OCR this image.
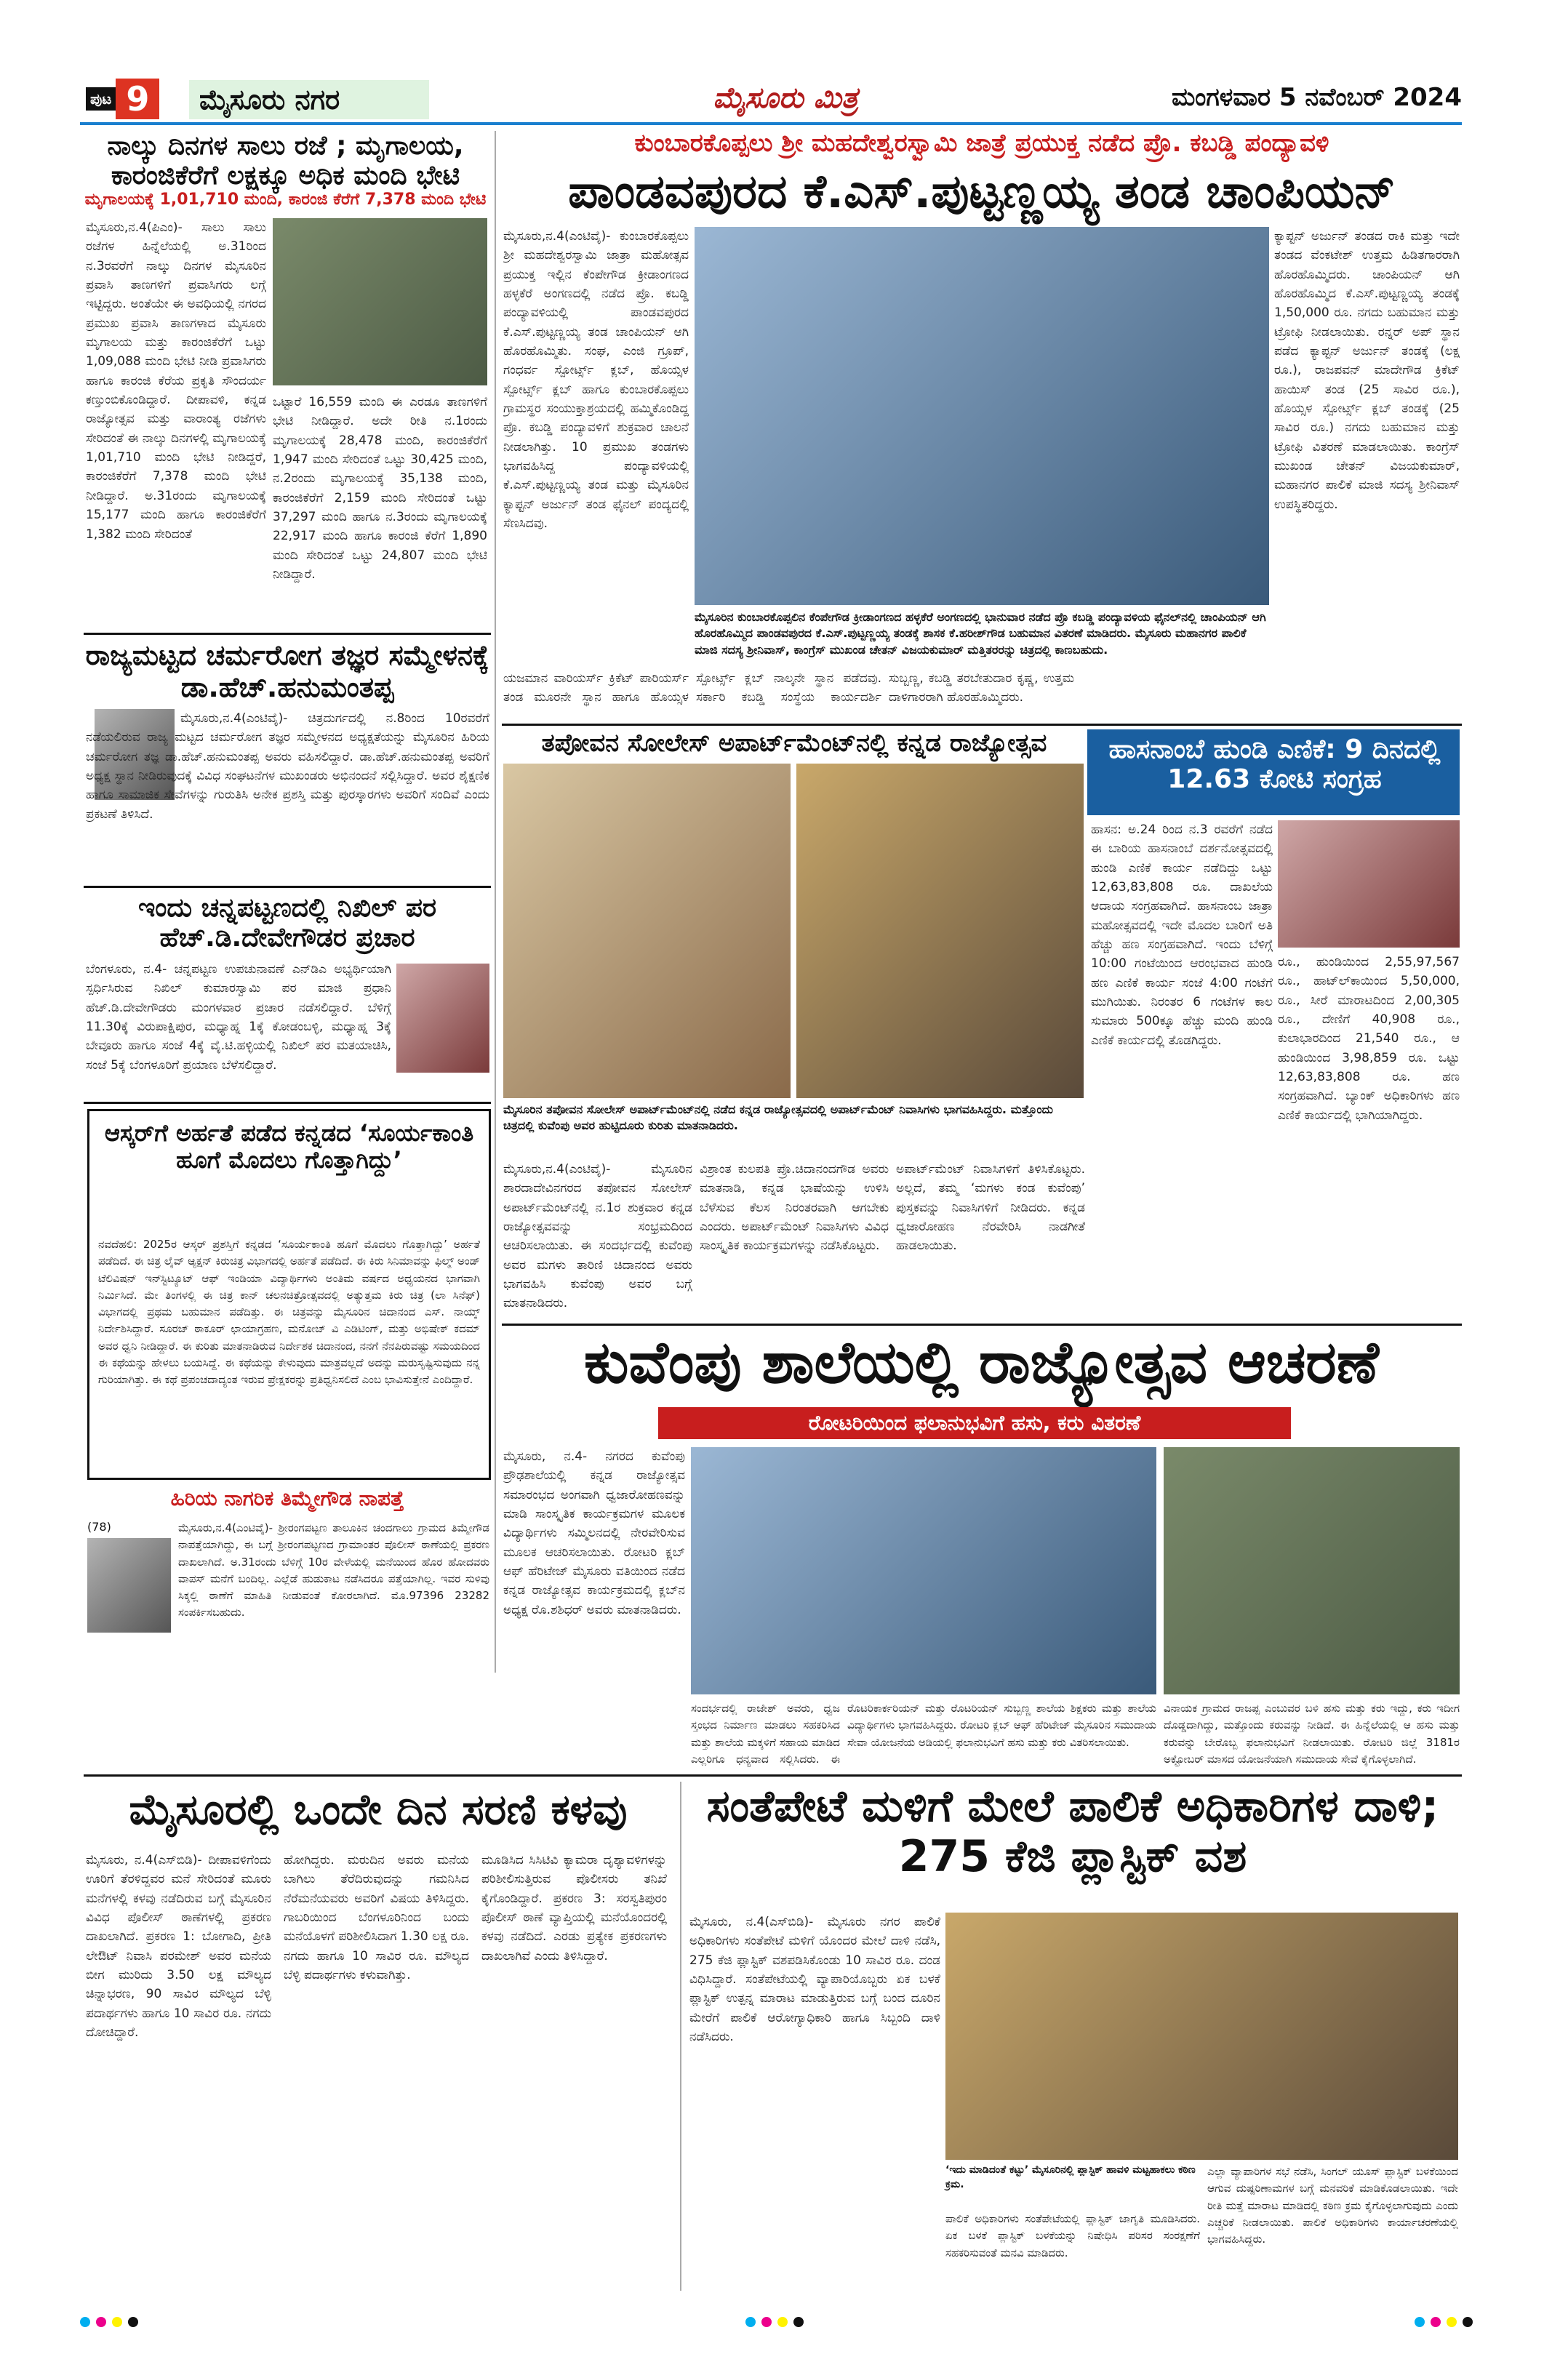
ಪುಟ 9	ಮೈಸೂರು ನಗರ	ಮೈಸೂರು ಮಿತ್ರ	ಮಂಗಳವಾರ 5 ನವೆಂಬರ್ 2024
ನಾಲ್ಕು ದಿನಗಳ ಸಾಲು ರಜೆ ; ಮೃಗಾಲಯ, ಕಾರಂಜಿಕೆರೆಗೆ ಲಕ್ಷಕ್ಕೂ ಅಧಿಕ ಮಂದಿ ಭೇಟಿ
ಮೃಗಾಲಯಕ್ಕೆ 1,01,710 ಮಂದಿ, ಕಾರಂಜಿ ಕೆರೆಗೆ 7,378 ಮಂದಿ ಭೇಟಿ
ಮೈಸೂರು,ನ.4(ಪಿಎಂ)- ಸಾಲು ಸಾಲು ರಜೆಗಳ ಹಿನ್ನೆಲೆಯಲ್ಲಿ ಅ.31ರಿಂದ ನ.3ರವರೆಗೆ ನಾಲ್ಕು ದಿನಗಳ ಮೈಸೂರಿನ ಪ್ರವಾಸಿ ತಾಣಗಳಿಗೆ ಪ್ರವಾಸಿಗರು ಲಗ್ಗೆ ಇಟ್ಟಿದ್ದರು. ಅಂತೆಯೇ ಈ ಅವಧಿಯಲ್ಲಿ ನಗರದ ಪ್ರಮುಖ ಪ್ರವಾಸಿ ತಾಣಗಳಾದ ಮೈಸೂರು ಮೃಗಾಲಯ ಮತ್ತು ಕಾರಂಜಿಕೆರೆಗೆ ಒಟ್ಟು 1,09,088 ಮಂದಿ ಭೇಟಿ ನೀಡಿ ಪ್ರವಾಸಿಗರು ಹಾಗೂ ಕಾರಂಜಿ ಕೆರೆಯ ಪ್ರಕೃತಿ ಸೌಂದರ್ಯ ಕಣ್ತುಂಬಿಕೊಂಡಿದ್ದಾರೆ. ದೀಪಾವಳಿ, ಕನ್ನಡ ರಾಜ್ಯೋತ್ಸವ ಮತ್ತು ವಾರಾಂತ್ಯ ರಜೆಗಳು ಸೇರಿದಂತೆ ಈ ನಾಲ್ಕು ದಿನಗಳಲ್ಲಿ ಮೃಗಾಲಯಕ್ಕೆ 1,01,710 ಮಂದಿ ಭೇಟಿ ನೀಡಿದ್ದರೆ, ಕಾರಂಜಿಕೆರೆಗೆ 7,378 ಮಂದಿ ಭೇಟಿ ನೀಡಿದ್ದಾರೆ. ಅ.31ರಂದು ಮೃಗಾಲಯಕ್ಕೆ 15,177 ಮಂದಿ ಹಾಗೂ ಕಾರಂಜಿಕೆರೆಗೆ 1,382 ಮಂದಿ ಸೇರಿದಂತೆ
ಒಟ್ಟಾರೆ 16,559 ಮಂದಿ ಈ ಎರಡೂ ತಾಣಗಳಿಗೆ ಭೇಟಿ ನೀಡಿದ್ದಾರೆ. ಅದೇ ರೀತಿ ನ.1ರಂದು ಮೃಗಾಲಯಕ್ಕೆ 28,478 ಮಂದಿ, ಕಾರಂಜಿಕೆರೆಗೆ 1,947 ಮಂದಿ ಸೇರಿದಂತೆ ಒಟ್ಟು 30,425 ಮಂದಿ, ನ.2ರಂದು ಮೃಗಾಲಯಕ್ಕೆ 35,138 ಮಂದಿ, ಕಾರಂಜಿಕೆರೆಗೆ 2,159 ಮಂದಿ ಸೇರಿದಂತೆ ಒಟ್ಟು 37,297 ಮಂದಿ ಹಾಗೂ ನ.3ರಂದು ಮೃಗಾಲಯಕ್ಕೆ 22,917 ಮಂದಿ ಹಾಗೂ ಕಾರಂಜಿ ಕೆರೆಗೆ 1,890 ಮಂದಿ ಸೇರಿದಂತೆ ಒಟ್ಟು 24,807 ಮಂದಿ ಭೇಟಿ ನೀಡಿದ್ದಾರೆ.
ರಾಜ್ಯಮಟ್ಟದ ಚರ್ಮರೋಗ ತಜ್ಞರ ಸಮ್ಮೇಳನಕ್ಕೆ ಡಾ.ಹೆಚ್.ಹನುಮಂತಪ್ಪ
ಮೈಸೂರು,ನ.4(ಎಂಟಿವೈ)- ಚಿತ್ರದುರ್ಗದಲ್ಲಿ ನ.8ರಿಂದ 10ರವರೆಗೆ ನಡೆಯಲಿರುವ ರಾಜ್ಯ ಮಟ್ಟದ ಚರ್ಮರೋಗ ತಜ್ಞರ ಸಮ್ಮೇಳನದ ಅಧ್ಯಕ್ಷತೆಯನ್ನು ಮೈಸೂರಿನ ಹಿರಿಯ ಚರ್ಮರೋಗ ತಜ್ಞ ಡಾ.ಹೆಚ್.ಹನುಮಂತಪ್ಪ ಅವರು ವಹಿಸಲಿದ್ದಾರೆ. ಡಾ.ಹೆಚ್.ಹನುಮಂತಪ್ಪ ಅವರಿಗೆ ಅಧ್ಯಕ್ಷ ಸ್ಥಾನ ನೀಡಿರುವುದಕ್ಕೆ ವಿವಿಧ ಸಂಘಟನೆಗಳ ಮುಖಂಡರು ಅಭಿನಂದನೆ ಸಲ್ಲಿಸಿದ್ದಾರೆ. ಅವರ ಶೈಕ್ಷಣಿಕ ಹಾಗೂ ಸಾಮಾಜಿಕ ಸೇವೆಗಳನ್ನು ಗುರುತಿಸಿ ಅನೇಕ ಪ್ರಶಸ್ತಿ ಮತ್ತು ಪುರಸ್ಕಾರಗಳು ಅವರಿಗೆ ಸಂದಿವೆ ಎಂದು ಪ್ರಕಟಣೆ ತಿಳಿಸಿದೆ.
ಇಂದು ಚನ್ನಪಟ್ಟಣದಲ್ಲಿ ನಿಖಿಲ್ ಪರ ಹೆಚ್.ಡಿ.ದೇವೇಗೌಡರ ಪ್ರಚಾರ
ಬೆಂಗಳೂರು, ನ.4- ಚನ್ನಪಟ್ಟಣ ಉಪಚುನಾವಣೆ ಎನ್‍ಡಿಎ ಅಭ್ಯರ್ಥಿಯಾಗಿ ಸ್ಪರ್ಧಿಸಿರುವ ನಿಖಿಲ್ ಕುಮಾರಸ್ವಾಮಿ ಪರ ಮಾಜಿ ಪ್ರಧಾನಿ ಹೆಚ್.ಡಿ.ದೇವೇಗೌಡರು ಮಂಗಳವಾರ ಪ್ರಚಾರ ನಡೆಸಲಿದ್ದಾರೆ. ಬೆಳಿಗ್ಗೆ 11.30ಕ್ಕೆ ವಿರುಪಾಕ್ಷಿಪುರ, ಮಧ್ಯಾಹ್ನ 1ಕ್ಕೆ ಕೋಡಂಬಳ್ಳಿ, ಮಧ್ಯಾಹ್ನ 3ಕ್ಕೆ ಬೇವೂರು ಹಾಗೂ ಸಂಜೆ 4ಕ್ಕೆ ವೈ.ಟಿ.ಹಳ್ಳಿಯಲ್ಲಿ ನಿಖಿಲ್ ಪರ ಮತಯಾಚಿಸಿ, ಸಂಜೆ 5ಕ್ಕೆ ಬೆಂಗಳೂರಿಗೆ ಪ್ರಯಾಣ ಬೆಳೆಸಲಿದ್ದಾರೆ.
ಆಸ್ಕರ್‌ಗೆ ಅರ್ಹತೆ ಪಡೆದ ಕನ್ನಡದ ‘ಸೂರ್ಯಕಾಂತಿ ಹೂಗೆ ಮೊದಲು ಗೊತ್ತಾಗಿದ್ದು’
ನವದೆಹಲಿ: 2025ರ ಆಸ್ಕರ್ ಪ್ರಶಸ್ತಿಗೆ ಕನ್ನಡದ ‘ಸೂರ್ಯಕಾಂತಿ ಹೂಗೆ ಮೊದಲು ಗೊತ್ತಾಗಿದ್ದು’ ಅರ್ಹತೆ ಪಡೆದಿದೆ. ಈ ಚಿತ್ರ ಲೈವ್ ಆ್ಯಕ್ಷನ್ ಕಿರುಚಿತ್ರ ವಿಭಾಗದಲ್ಲಿ ಅರ್ಹತೆ ಪಡೆದಿದೆ. ಈ ಕಿರು ಸಿನಿಮಾವನ್ನು ಫಿಲ್ಮ್ ಅಂಡ್ ಟೆಲಿವಿಷನ್ ಇನ್‍ಸ್ಟಿಟ್ಯೂಟ್ ಆಫ್ ಇಂಡಿಯಾ ವಿದ್ಯಾರ್ಥಿಗಳು ಅಂತಿಮ ವರ್ಷದ ಅಧ್ಯಯನದ ಭಾಗವಾಗಿ ನಿರ್ಮಿಸಿದೆ. ಮೇ ತಿಂಗಳಲ್ಲಿ ಈ ಚಿತ್ರ ಕಾನ್ ಚಲನಚಿತ್ರೋತ್ಸವದಲ್ಲಿ ಅತ್ಯುತ್ತಮ ಕಿರು ಚಿತ್ರ (ಲಾ ಸಿನೆಫ್) ವಿಭಾಗದಲ್ಲಿ ಪ್ರಥಮ ಬಹುಮಾನ ಪಡೆದಿತ್ತು. ಈ ಚಿತ್ರವನ್ನು ಮೈಸೂರಿನ ಚಿದಾನಂದ ಎಸ್. ನಾಯ್ಕ್ ನಿರ್ದೇಶಿಸಿದ್ದಾರೆ. ಸೂರಜ್ ಠಾಕೂರ್ ಛಾಯಾಗ್ರಹಣ, ಮನೋಜ್ ವಿ ಎಡಿಟಿಂಗ್, ಮತ್ತು ಅಭಿಷೇಕ್ ಕದಮ್ ಅವರ ಧ್ವನಿ ನೀಡಿದ್ದಾರೆ. ಈ ಕುರಿತು ಮಾತನಾಡಿರುವ ನಿರ್ದೇಶಕ ಚಿದಾನಂದ, ನನಗೆ ನೆನಪಿರುವಷ್ಟು ಸಮಯದಿಂದ ಈ ಕಥೆಯನ್ನು ಹೇಳಲು ಬಯಸಿದ್ದೆ. ಈ ಕಥೆಯನ್ನು ಕೇಳುವುದು ಮಾತ್ರವಲ್ಲದೆ ಅದನ್ನು ಮರುಸೃಷ್ಟಿಸುವುದು ನನ್ನ ಗುರಿಯಾಗಿತ್ತು. ಈ ಕಥೆ ಪ್ರಪಂಚದಾದ್ಯಂತ ಇರುವ ಪ್ರೇಕ್ಷಕರನ್ನು ಪ್ರತಿಧ್ವನಿಸಲಿದೆ ಎಂಬ ಭಾವಿಸುತ್ತೇನೆ ಎಂದಿದ್ದಾರೆ.
ಹಿರಿಯ ನಾಗರಿಕ ತಿಮ್ಮೇಗೌಡ ನಾಪತ್ತೆ
(78)	ಮೈಸೂರು,ನ.4(ಎಂಟಿವೈ)- ಶ್ರೀರಂಗಪಟ್ಟಣ ತಾಲೂಕಿನ ಚಂದಗಾಲು ಗ್ರಾಮದ ತಿಮ್ಮೇಗೌಡ ನಾಪತ್ತೆಯಾಗಿದ್ದು, ಈ ಬಗ್ಗೆ ಶ್ರೀರಂಗಪಟ್ಟಣದ ಗ್ರಾಮಾಂತರ ಪೊಲೀಸ್ ಠಾಣೆಯಲ್ಲಿ ಪ್ರಕರಣ ದಾಖಲಾಗಿದೆ. ಅ.31ರಂದು ಬೆಳಿಗ್ಗೆ 10ರ ವೇಳೆಯಲ್ಲಿ ಮನೆಯಿಂದ ಹೊರ ಹೋದವರು ವಾಪಸ್ ಮನೆಗೆ ಬಂದಿಲ್ಲ. ಎಲ್ಲೆಡೆ ಹುಡುಕಾಟ ನಡೆಸಿದರೂ ಪತ್ತೆಯಾಗಿಲ್ಲ. ಇವರ ಸುಳಿವು ಸಿಕ್ಕಲ್ಲಿ ಠಾಣೆಗೆ ಮಾಹಿತಿ ನೀಡುವಂತೆ ಕೋರಲಾಗಿದೆ. ಮೊ.97396 23282 ಸಂಪರ್ಕಿಸಬಹುದು.
ಕುಂಬಾರಕೊಪ್ಪಲು ಶ್ರೀ ಮಹದೇಶ್ವರಸ್ವಾಮಿ ಜಾತ್ರೆ ಪ್ರಯುಕ್ತ ನಡೆದ ಪ್ರೊ. ಕಬಡ್ಡಿ ಪಂದ್ಯಾವಳಿ
ಪಾಂಡವಪುರದ ಕೆ.ಎಸ್.ಪುಟ್ಟಣ್ಣಯ್ಯ ತಂಡ ಚಾಂಪಿಯನ್
ಮೈಸೂರು,ನ.4(ಎಂಟಿವೈ)- ಕುಂಬಾರಕೊಪ್ಪಲು ಶ್ರೀ ಮಹದೇಶ್ವರಸ್ವಾಮಿ ಜಾತ್ರಾ ಮಹೋತ್ಸವ ಪ್ರಯುಕ್ತ ಇಲ್ಲಿನ ಕೆಂಪೇಗೌಡ ಕ್ರೀಡಾಂಗಣದ ಹಳ್ಳಕೆರೆ ಅಂಗಣದಲ್ಲಿ ನಡೆದ ಪ್ರೊ. ಕಬಡ್ಡಿ ಪಂದ್ಯಾವಳಿಯಲ್ಲಿ ಪಾಂಡವಪುರದ ಕೆ.ಎಸ್.ಪುಟ್ಟಣ್ಣಯ್ಯ ತಂಡ ಚಾಂಪಿಯನ್ ಆಗಿ ಹೊರಹೊಮ್ಮಿತು. ಸಂಘ, ಎಂಜಿ ಗ್ರೂಪ್, ಗಂಧರ್ವ ಸ್ಪೋರ್ಟ್ಸ್ ಕ್ಲಬ್, ಹೊಯ್ಸಳ ಸ್ಪೋರ್ಟ್ಸ್ ಕ್ಲಬ್ ಹಾಗೂ ಕುಂಬಾರಕೊಪ್ಪಲು ಗ್ರಾಮಸ್ಥರ ಸಂಯುಕ್ತಾಶ್ರಯದಲ್ಲಿ ಹಮ್ಮಿಕೊಂಡಿದ್ದ ಪ್ರೊ. ಕಬಡ್ಡಿ ಪಂದ್ಯಾವಳಿಗೆ ಶುಕ್ರವಾರ ಚಾಲನೆ ನೀಡಲಾಗಿತ್ತು. 10 ಪ್ರಮುಖ ತಂಡಗಳು ಭಾಗವಹಿಸಿದ್ದ ಪಂದ್ಯಾವಳಿಯಲ್ಲಿ ಕೆ.ಎಸ್.ಪುಟ್ಟಣ್ಣಯ್ಯ ತಂಡ ಮತ್ತು ಮೈಸೂರಿನ ಕ್ಯಾಪ್ಟನ್ ಅರ್ಜುನ್ ತಂಡ ಫೈನಲ್ ಪಂದ್ಯದಲ್ಲಿ ಸೆಣಸಿದವು.
ಮೈಸೂರಿನ ಕುಂಬಾರಕೊಪ್ಪಲಿನ ಕೆಂಪೇಗೌಡ ಕ್ರೀಡಾಂಗಣದ ಹಳ್ಳಕೆರೆ ಅಂಗಣದಲ್ಲಿ ಭಾನುವಾರ ನಡೆದ ಪ್ರೊ ಕಬಡ್ಡಿ ಪಂದ್ಯಾವಳಿಯ ಫೈನಲ್‌ನಲ್ಲಿ ಚಾಂಪಿಯನ್ ಆಗಿ ಹೊರಹೊಮ್ಮಿದ ಪಾಂಡವಪುರದ ಕೆ.ಎಸ್.ಪುಟ್ಟಣ್ಣಯ್ಯ ತಂಡಕ್ಕೆ ಶಾಸಕ ಕೆ.ಹರೀಶ್‌ಗೌಡ ಬಹುಮಾನ ವಿತರಣೆ ಮಾಡಿದರು. ಮೈಸೂರು ಮಹಾನಗರ ಪಾಲಿಕೆ ಮಾಜಿ ಸದಸ್ಯ ಶ್ರೀನಿವಾಸ್, ಕಾಂಗ್ರೆಸ್ ಮುಖಂಡ ಚೇತನ್ ವಿಜಯಕುಮಾರ್ ಮತ್ತಿತರರನ್ನು ಚಿತ್ರದಲ್ಲಿ ಕಾಣಬಹುದು.
ಕ್ಯಾಪ್ಟನ್ ಅರ್ಜುನ್ ತಂಡದ ರಾಕಿ ಮತ್ತು ಇದೇ ತಂಡದ ವೆಂಕಟೇಶ್ ಉತ್ತಮ ಹಿಡಿತಗಾರರಾಗಿ ಹೊರಹೊಮ್ಮಿದರು. ಚಾಂಪಿಯನ್ ಆಗಿ ಹೊರಹೊಮ್ಮಿದ ಕೆ.ಎಸ್.ಪುಟ್ಟಣ್ಣಯ್ಯ ತಂಡಕ್ಕೆ 1,50,000 ರೂ. ನಗದು ಬಹುಮಾನ ಮತ್ತು ಟ್ರೋಫಿ ನೀಡಲಾಯಿತು. ರನ್ನರ್ ಅಪ್ ಸ್ಥಾನ ಪಡೆದ ಕ್ಯಾಪ್ಟನ್ ಅರ್ಜುನ್ ತಂಡಕ್ಕೆ (ಲಕ್ಷ ರೂ.), ರಾಜಪವನ್ ಮಾದೇಗೌಡ ಕ್ರಿಕೆಟ್ ಹಾಯಿಸ್ ತಂಡ (25 ಸಾವಿರ ರೂ.), ಹೊಯ್ಸಳ ಸ್ಪೋರ್ಟ್ಸ್ ಕ್ಲಬ್ ತಂಡಕ್ಕೆ (25 ಸಾವಿರ ರೂ.) ನಗದು ಬಹುಮಾನ ಮತ್ತು ಟ್ರೋಫಿ ವಿತರಣೆ ಮಾಡಲಾಯಿತು. ಕಾಂಗ್ರೆಸ್ ಮುಖಂಡ ಚೇತನ್ ವಿಜಯಕುಮಾರ್, ಮಹಾನಗರ ಪಾಲಿಕೆ ಮಾಜಿ ಸದಸ್ಯ ಶ್ರೀನಿವಾಸ್ ಉಪಸ್ಥಿತರಿದ್ದರು.
ಯಜಮಾನ ವಾರಿಯರ್ಸ್ ಕ್ರಿಕೆಟ್ ಪಾರಿಯರ್ಸ್ ತಂಡ ಮೂರನೇ ಸ್ಥಾನ ಹಾಗೂ ಹೊಯ್ಸಳ ಸ್ಪೋರ್ಟ್ಸ್ ಕ್ಲಬ್ ನಾಲ್ಕನೇ ಸ್ಥಾನ ಪಡೆದವು. ಸರ್ಕಾರಿ ಕಬಡ್ಡಿ ಸಂಸ್ಥೆಯ ಕಾರ್ಯದರ್ಶಿ ಸುಬ್ಬಣ್ಣ, ಕಬಡ್ಡಿ ತರಬೇತುದಾರ ಕೃಷ್ಣ, ಉತ್ತಮ ದಾಳಿಗಾರರಾಗಿ ಹೊರಹೊಮ್ಮಿದರು.
ತಪೋವನ ಸೋಲೇಸ್ ಅಪಾರ್ಟ್‌ಮೆಂಟ್‌ನಲ್ಲಿ ಕನ್ನಡ ರಾಜ್ಯೋತ್ಸವ
ಮೈಸೂರಿನ ತಪೋವನ ಸೋಲೇಸ್ ಅಪಾರ್ಟ್‌ಮೆಂಟ್‌ನಲ್ಲಿ ನಡೆದ ಕನ್ನಡ ರಾಜ್ಯೋತ್ಸವದಲ್ಲಿ ಅಪಾರ್ಟ್‌ಮೆಂಟ್ ನಿವಾಸಿಗಳು ಭಾಗವಹಿಸಿದ್ದರು. ಮತ್ತೊಂದು ಚಿತ್ರದಲ್ಲಿ ಕುವೆಂಪು ಅವರ ಹುಟ್ಟಿದೂರು ಕುರಿತು ಮಾತನಾಡಿದರು.
ಮೈಸೂರು,ನ.4(ಎಂಟಿವೈ)- ಮೈಸೂರಿನ ಶಾರದಾದೇವಿನಗರದ ತಪೋವನ ಸೋಲೇಸ್ ಅಪಾರ್ಟ್‌ಮೆಂಟ್‌ನಲ್ಲಿ ನ.1ರ ಶುಕ್ರವಾರ ಕನ್ನಡ ರಾಜ್ಯೋತ್ಸವವನ್ನು ಸಂಭ್ರಮದಿಂದ ಆಚರಿಸಲಾಯಿತು. ಈ ಸಂದರ್ಭದಲ್ಲಿ ಕುವೆಂಪು ಅವರ ಮಗಳು ತಾರಿಣಿ ಚಿದಾನಂದ ಅವರು ಭಾಗವಹಿಸಿ ಕುವೆಂಪು ಅವರ ಬಗ್ಗೆ ಮಾತನಾಡಿದರು.
ವಿಶ್ರಾಂತ ಕುಲಪತಿ ಪ್ರೊ.ಚಿದಾನಂದಗೌಡ ಅವರು ಮಾತನಾಡಿ, ಕನ್ನಡ ಭಾಷೆಯನ್ನು ಉಳಿಸಿ ಬೆಳೆಸುವ ಕೆಲಸ ನಿರಂತರವಾಗಿ ಆಗಬೇಕು ಎಂದರು. ಅಪಾರ್ಟ್‌ಮೆಂಟ್ ನಿವಾಸಿಗಳು ವಿವಿಧ ಸಾಂಸ್ಕೃತಿಕ ಕಾರ್ಯಕ್ರಮಗಳನ್ನು ನಡೆಸಿಕೊಟ್ಟರು.
ಅಪಾರ್ಟ್‌ಮೆಂಟ್ ನಿವಾಸಿಗಳಿಗೆ ತಿಳಿಸಿಕೊಟ್ಟರು. ಅಲ್ಲದೆ, ತಮ್ಮ ‘ಮಗಳು ಕಂಡ ಕುವೆಂಪು’ ಪುಸ್ತಕವನ್ನು ನಿವಾಸಿಗಳಿಗೆ ನೀಡಿದರು. ಕನ್ನಡ ಧ್ವಜಾರೋಹಣ ನೆರವೇರಿಸಿ ನಾಡಗೀತೆ ಹಾಡಲಾಯಿತು.
ಹಾಸನಾಂಬೆ ಹುಂಡಿ ಎಣಿಕೆ: 9 ದಿನದಲ್ಲಿ 12.63 ಕೋಟಿ ಸಂಗ್ರಹ
ಹಾಸನ: ಅ.24 ರಿಂದ ನ.3 ರವರೆಗೆ ನಡೆದ ಈ ಬಾರಿಯ ಹಾಸನಾಂಬೆ ದರ್ಶನೋತ್ಸವದಲ್ಲಿ ಹುಂಡಿ ಎಣಿಕೆ ಕಾರ್ಯ ನಡೆದಿದ್ದು ಒಟ್ಟು 12,63,83,808 ರೂ. ದಾಖಲೆಯ ಆದಾಯ ಸಂಗ್ರಹವಾಗಿದೆ. ಹಾಸನಾಂಬ ಜಾತ್ರಾ ಮಹೋತ್ಸವದಲ್ಲಿ ಇದೇ ಮೊದಲ ಬಾರಿಗೆ ಅತಿ ಹೆಚ್ಚು ಹಣ ಸಂಗ್ರಹವಾಗಿದೆ. ಇಂದು ಬೆಳಿಗ್ಗೆ 10:00 ಗಂಟೆಯಿಂದ ಆರಂಭವಾದ ಹುಂಡಿ ಹಣ ಎಣಿಕೆ ಕಾರ್ಯ ಸಂಜೆ 4:00 ಗಂಟೆಗೆ ಮುಗಿಯಿತು. ನಿರಂತರ 6 ಗಂಟೆಗಳ ಕಾಲ ಸುಮಾರು 500ಕ್ಕೂ ಹೆಚ್ಚು ಮಂದಿ ಹುಂಡಿ ಎಣಿಕೆ ಕಾರ್ಯದಲ್ಲಿ ತೊಡಗಿದ್ದರು.
ರೂ., ಹುಂಡಿಯಿಂದ 2,55,97,567 ರೂ., ಹಾಟ್‌ಲ್‌ಕಾಯಿಂದ 5,50,000, ರೂ., ಸೀರೆ ಮಾರಾಟದಿಂದ 2,00,305 ರೂ., ದೇಣಿಗೆ 40,908 ರೂ., ಕುಲಾಭಾರದಿಂದ 21,540 ರೂ., ಆ ಹುಂಡಿಯಿಂದ 3,98,859 ರೂ. ಒಟ್ಟು 12,63,83,808 ರೂ. ಹಣ ಸಂಗ್ರಹವಾಗಿದೆ. ಬ್ಯಾಂಕ್ ಅಧಿಕಾರಿಗಳು ಹಣ ಎಣಿಕೆ ಕಾರ್ಯದಲ್ಲಿ ಭಾಗಿಯಾಗಿದ್ದರು.
ಕುವೆಂಪು ಶಾಲೆಯಲ್ಲಿ ರಾಜ್ಯೋತ್ಸವ ಆಚರಣೆ
ರೋಟರಿಯಿಂದ ಫಲಾನುಭವಿಗೆ ಹಸು, ಕರು ವಿತರಣೆ
ಮೈಸೂರು, ನ.4- ನಗರದ ಕುವೆಂಪು ಪ್ರೌಢಶಾಲೆಯಲ್ಲಿ ಕನ್ನಡ ರಾಜ್ಯೋತ್ಸವ ಸಮಾರಂಭದ ಅಂಗವಾಗಿ ಧ್ವಜಾರೋಹಣವನ್ನು ಮಾಡಿ ಸಾಂಸ್ಕೃತಿಕ ಕಾರ್ಯಕ್ರಮಗಳ ಮೂಲಕ ವಿದ್ಯಾರ್ಥಿಗಳು ಸಮ್ಮಿಲನದಲ್ಲಿ ನೇರವೇರಿಸುವ ಮೂಲಕ ಆಚರಿಸಲಾಯಿತು. ರೋಟರಿ ಕ್ಲಬ್ ಆಫ್ ಹೆರಿಟೇಜ್ ಮೈಸೂರು ವತಿಯಿಂದ ನಡೆದ ಕನ್ನಡ ರಾಜ್ಯೋತ್ಸವ ಕಾರ್ಯಕ್ರಮದಲ್ಲಿ ಕ್ಲಬ್‌ನ ಅಧ್ಯಕ್ಷ ರೊ.ಶಶಿಧರ್ ಅವರು ಮಾತನಾಡಿದರು.
ಸಂದರ್ಭದಲ್ಲಿ ರಾಜೇಶ್ ಅವರು, ಧ್ವಜ ಸ್ತಂಭದ ನಿರ್ಮಾಣ ಮಾಡಲು ಸಹಕರಿಸಿದ ಮತ್ತು ಶಾಲೆಯ ಮಕ್ಕಳಿಗೆ ಸಹಾಯ ಮಾಡಿದ ಎಲ್ಲರಿಗೂ ಧನ್ಯವಾದ ಸಲ್ಲಿಸಿದರು. ಈ
ರೊಟರಿಕಾರ್ಕರಿಯನ್ ಮತ್ತು ರೊಟರಿಯನ್ ಸುಬ್ಬಣ್ಣ ಶಾಲೆಯ ಶಿಕ್ಷಕರು ಮತ್ತು ಶಾಲೆಯ ವಿದ್ಯಾರ್ಥಿಗಳು ಭಾಗವಹಿಸಿದ್ದರು. ರೋಟರಿ ಕ್ಲಬ್ ಆಫ್ ಹೆರಿಟೇಜ್ ಮೈಸೂರಿನ ಸಮುದಾಯ ಸೇವಾ ಯೋಜನೆಯ ಅಡಿಯಲ್ಲಿ ಫಲಾನುಭವಿಗೆ ಹಸು ಮತ್ತು ಕರು ವಿತರಿಸಲಾಯಿತು.
ವಿನಾಯಕ ಗ್ರಾಮದ ರಾಜಪ್ಪ ಎಂಬುವರ ಬಳಿ ಹಸು ಮತ್ತು ಕರು ಇದ್ದು, ಕರು ಇದೀಗ ದೊಡ್ಡದಾಗಿದ್ದು, ಮತ್ತೊಂದು ಕರುವನ್ನು ನೀಡಿದೆ. ಈ ಹಿನ್ನೆಲೆಯಲ್ಲಿ ಆ ಹಸು ಮತ್ತು ಕರುವನ್ನು ಬೇರೊಬ್ಬ ಫಲಾನುಭವಿಗೆ ನೀಡಲಾಯಿತು. ರೋಟರಿ ಜಿಲ್ಲೆ 3181ರ ಅಕ್ಟೋಬರ್ ಮಾಸದ ಯೋಜನೆಯಾಗಿ ಸಮುದಾಯ ಸೇವೆ ಕೈಗೊಳ್ಳಲಾಗಿದೆ.
ಮೈಸೂರಲ್ಲಿ ಒಂದೇ ದಿನ ಸರಣಿ ಕಳವು
ಮೈಸೂರು, ನ.4(ಎಸ್‌ಬಿಡಿ)- ದೀಪಾವಳಿಗೆಂದು ಊರಿಗೆ ತೆರಳಿದ್ದವರ ಮನೆ ಸೇರಿದಂತೆ ಮೂರು ಮನೆಗಳಲ್ಲಿ ಕಳವು ನಡೆದಿರುವ ಬಗ್ಗೆ ಮೈಸೂರಿನ ವಿವಿಧ ಪೊಲೀಸ್ ಠಾಣೆಗಳಲ್ಲಿ ಪ್ರಕರಣ ದಾಖಲಾಗಿದೆ. ಪ್ರಕರಣ 1: ಬೋಗಾದಿ, ಪ್ರೀತಿ ಲೇಔಟ್ ನಿವಾಸಿ ಪರಮೇಶ್ ಅವರ ಮನೆಯ ಬೀಗ ಮುರಿದು 3.50 ಲಕ್ಷ ಮೌಲ್ಯದ ಚಿನ್ನಾಭರಣ, 90 ಸಾವಿರ ಮೌಲ್ಯದ ಬೆಳ್ಳಿ ಪದಾರ್ಥಗಳು ಹಾಗೂ 10 ಸಾವಿರ ರೂ. ನಗದು ದೋಚಿದ್ದಾರೆ.
ಹೋಗಿದ್ದರು. ಮರುದಿನ ಅವರು ಮನೆಯ ಬಾಗಿಲು ತೆರೆದಿರುವುದನ್ನು ಗಮನಿಸಿದ ನೆರೆಮನೆಯವರು ಅವರಿಗೆ ವಿಷಯ ತಿಳಿಸಿದ್ದರು. ಗಾಬರಿಯಿಂದ ಬೆಂಗಳೂರಿನಿಂದ ಬಂದು ಮನೆಯೊಳಗೆ ಪರಿಶೀಲಿಸಿದಾಗ 1.30 ಲಕ್ಷ ರೂ. ನಗದು ಹಾಗೂ 10 ಸಾವಿರ ರೂ. ಮೌಲ್ಯದ ಬೆಳ್ಳಿ ಪದಾರ್ಥಗಳು ಕಳುವಾಗಿತ್ತು.
ಮೂಡಿಸಿದ ಸಿಸಿಟಿವಿ ಕ್ಯಾಮರಾ ದೃಶ್ಯಾವಳಿಗಳನ್ನು ಪರಿಶೀಲಿಸುತ್ತಿರುವ ಪೊಲೀಸರು ತನಿಖೆ ಕೈಗೊಂಡಿದ್ದಾರೆ. ಪ್ರಕರಣ 3: ಸರಸ್ವತಿಪುರಂ ಪೊಲೀಸ್ ಠಾಣೆ ವ್ಯಾಪ್ತಿಯಲ್ಲಿ ಮನೆಯೊಂದರಲ್ಲಿ ಕಳವು ನಡೆದಿದೆ. ಎರಡು ಪ್ರತ್ಯೇಕ ಪ್ರಕರಣಗಳು ದಾಖಲಾಗಿವೆ ಎಂದು ತಿಳಿಸಿದ್ದಾರೆ.
ಸಂತೆಪೇಟೆ ಮಳಿಗೆ ಮೇಲೆ ಪಾಲಿಕೆ ಅಧಿಕಾರಿಗಳ ದಾಳಿ; 275 ಕೆಜಿ ಪ್ಲಾಸ್ಟಿಕ್ ವಶ
ಮೈಸೂರು, ನ.4(ಎಸ್‌ಬಿಡಿ)- ಮೈಸೂರು ನಗರ ಪಾಲಿಕೆ ಅಧಿಕಾರಿಗಳು ಸಂತೆಪೇಟೆ ಮಳಿಗೆ ಯೊಂದರ ಮೇಲೆ ದಾಳಿ ನಡೆಸಿ, 275 ಕೆಜಿ ಪ್ಲಾಸ್ಟಿಕ್ ವಶಪಡಿಸಿಕೊಂಡು 10 ಸಾವಿರ ರೂ. ದಂಡ ವಿಧಿಸಿದ್ದಾರೆ. ಸಂತೆಪೇಟೆಯಲ್ಲಿ ವ್ಯಾಪಾರಿಯೊಬ್ಬರು ಏಕ ಬಳಕೆ ಪ್ಲಾಸ್ಟಿಕ್ ಉತ್ಪನ್ನ ಮಾರಾಟ ಮಾಡುತ್ತಿರುವ ಬಗ್ಗೆ ಬಂದ ದೂರಿನ ಮೇರೆಗೆ ಪಾಲಿಕೆ ಆರೋಗ್ಯಾಧಿಕಾರಿ ಹಾಗೂ ಸಿಬ್ಬಂದಿ ದಾಳಿ ನಡೆಸಿದರು.
‘ಇದು ಮಾಡಿದಂತೆ ಕಟ್ಟು’ ಮೈಸೂರಿನಲ್ಲಿ ಪ್ಲಾಸ್ಟಿಕ್ ಹಾವಳಿ ಮಟ್ಟಹಾಕಲು ಕಠಿಣ ಕ್ರಮ.
ಎಲ್ಲಾ ವ್ಯಾಪಾರಿಗಳ ಸಭೆ ನಡೆಸಿ, ಸಿಂಗಲ್ ಯೂಸ್ ಪ್ಲಾಸ್ಟಿಕ್ ಬಳಕೆಯಿಂದ ಆಗುವ ದುಷ್ಪರಿಣಾಮಗಳ ಬಗ್ಗೆ ಮನವರಿಕೆ ಮಾಡಿಕೊಡಲಾಯಿತು. ಇದೇ ರೀತಿ ಮತ್ತೆ ಮಾರಾಟ ಮಾಡಿದಲ್ಲಿ ಕಠಿಣ ಕ್ರಮ ಕೈಗೊಳ್ಳಲಾಗುವುದು ಎಂದು ಎಚ್ಚರಿಕೆ ನೀಡಲಾಯಿತು. ಪಾಲಿಕೆ ಅಧಿಕಾರಿಗಳು ಕಾರ್ಯಾಚರಣೆಯಲ್ಲಿ ಭಾಗವಹಿಸಿದ್ದರು.
ಪಾಲಿಕೆ ಅಧಿಕಾರಿಗಳು ಸಂತೆಪೇಟೆಯಲ್ಲಿ ಪ್ಲಾಸ್ಟಿಕ್ ಜಾಗೃತಿ ಮೂಡಿಸಿದರು. ಏಕ ಬಳಕೆ ಪ್ಲಾಸ್ಟಿಕ್ ಬಳಕೆಯನ್ನು ನಿಷೇಧಿಸಿ ಪರಿಸರ ಸಂರಕ್ಷಣೆಗೆ ಸಹಕರಿಸುವಂತೆ ಮನವಿ ಮಾಡಿದರು.
